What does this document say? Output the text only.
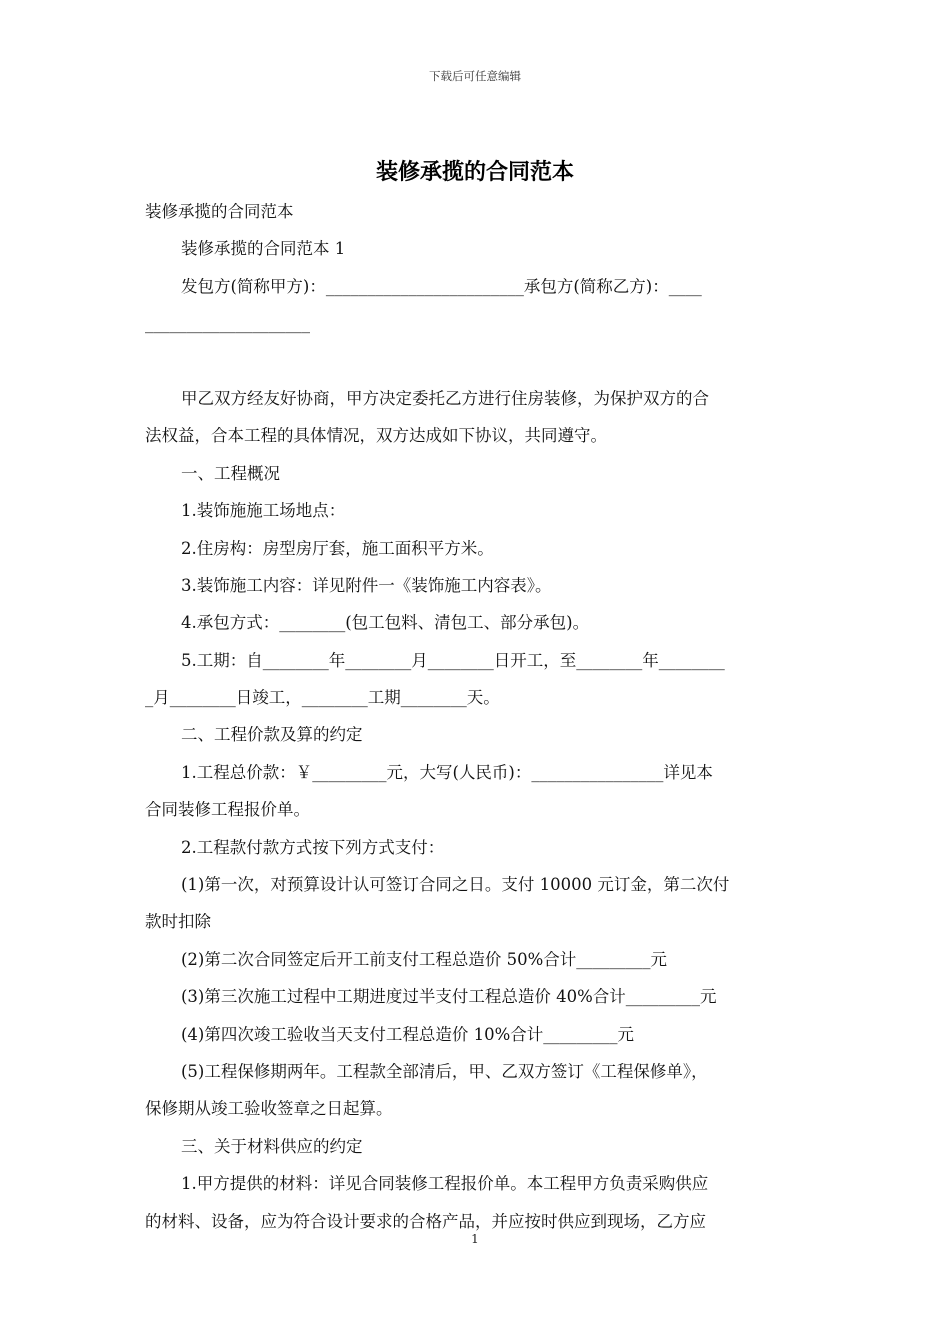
下载后可任意编辑
装修承揽的合同范本
装修承揽的合同范本
装修承揽的合同范本 1
发包方(简称甲方)：________________________承包方(简称乙方)：____
____________________
甲乙双方经友好协商，甲方决定委托乙方进行住房装修，为保护双方的合
法权益，合本工程的具体情况，双方达成如下协议，共同遵守。
一、工程概况
1.装饰施施工场地点：
2.住房构：房型房厅套，施工面积平方米。
3.装饰施工内容：详见附件一《装饰施工内容表》。
4.承包方式：________(包工包料、清包工、部分承包)。
5.工期：自________年________月________日开工，至________年________
_月________日竣工，________工期________天。
二、工程价款及算的约定
1.工程总价款：￥_________元，大写(人民币)：________________详见本
合同装修工程报价单。
2.工程款付款方式按下列方式支付：
(1)第一次，对预算设计认可签订合同之日。支付 10000 元订金，第二次付
款时扣除
(2)第二次合同签定后开工前支付工程总造价 50%合计_________元
(3)第三次施工过程中工期进度过半支付工程总造价 40%合计_________元
(4)第四次竣工验收当天支付工程总造价 10%合计_________元
(5)工程保修期两年。工程款全部清后，甲、乙双方签订《工程保修单》，
保修期从竣工验收签章之日起算。
三、关于材料供应的约定
1.甲方提供的材料：详见合同装修工程报价单。本工程甲方负责采购供应
的材料、设备，应为符合设计要求的合格产品，并应按时供应到现场，乙方应
1
